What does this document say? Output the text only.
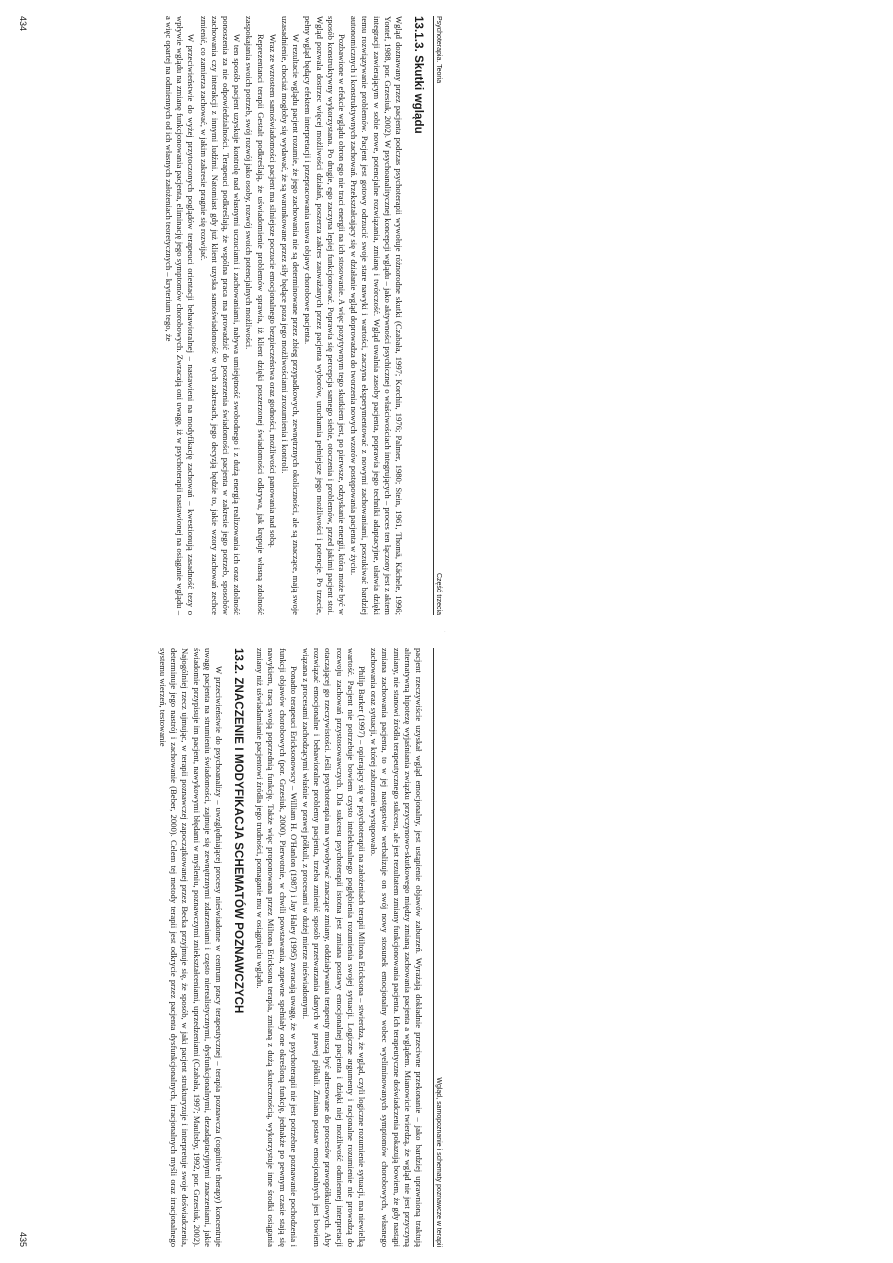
Psychoterapia. Teoria
Część trzecia
13.1.3. Skutki wglądu

Wgląd doznawany przez pacjenta podczas psychoterapii wywołuje różnorodne skutki (Czabała, 1997; Korchin, 1976; Palmer, 1980; Stein, 1961, Thomä, Kächele, 1996; Yontef, 1988, por. Grzesiuk, 2002). W psychoanalitycznej koncepcji wglądu – jako aktywności psychicznej o właściwościach integrujących – proces ten łączony jest z aktem integracji zawierającym w sobie nowe, potencjalne rozwiązania, zmianę i twórczość. Wgląd uwalnia zasoby pacjenta, poprawia jego techniki adaptacyjne, ułatwia dzięki temu rozwiązywanie problemów. Pacjent jest gotowy odrzucić swoje stare nawyki i wartości, zaczyna eksperymentować z nowymi zachowaniami, poszukiwać bardziej autonomicznych i konstruktywnych zachowań. Przekształcający się w działanie wgląd doprowadza do tworzenia nowych wzorów postępowania pacjenta w życiu.

Pozbawione w efekcie wglądu obron ego nie traci energii na ich stosowanie. A więc pozytywnym tego skutkiem jest, po pierwsze, odzyskanie energii, która może być w sposób konstruktywny wykorzystana. Po drugie, ego zaczyna lepiej funkcjonować. Poprawia się percepcja samego siebie, otoczenia i problemów, przed jakimi pacjent stoi. Wgląd pozwala dostrzec więcej możliwości działań, poszerza zakres zauważanych przez pacjenta wyborów, uruchamia pełniejsze jego możliwości i potencje. Po trzecie, pełny wgląd będący efektem interpretacji i przepracowania usuwa objawy chorobowe pacjenta.

W rezultacie wglądu pacjent rozumie, że jego zachowania nie są determinowane przez zbieg przypadkowych, zewnętrznych okoliczności, ale są znaczące, mają swoje uzasadnienie, chociaż mogłoby się wydawać, że są warunkowane przez siły będące poza jego możliwościami zrozumienia i kontroli.

Wraz ze wzrostem samoświadomości pacjent ma silniejsze poczucie emocjonalnego bezpieczeństwa oraz godności, możliwości panowania nad sobą.

Reprezentanci terapii Gestalt podkreślają, że uświadomienie problemów sprawia, iż klient dzięki poszerzonej świadomości odkrywa, jak krępuje własną zdolność zaspokajania swoich potrzeb, swój rozwój jako osoby, rozwój swoich potencjalnych możliwości.

W ten sposób pacjent uzyskuje kontrolę nad własnymi uczuciami i zachowaniami, nabywa umiejętność swobodnego i z dużą energią realizowania ich oraz zdolność ponoszenia za nie odpowiedzialności. Terapeuci podkreślają, że wspólna praca ma prowadzić do poszerzenia świadomości pacjenta w zakresie jego potrzeb, sposobów zachowania czy interakcji z innymi ludźmi. Natomiast gdy już klient uzyska samoświadomość w tych zakresach, jego decyzją będzie to, jakie wzory zachowań zechce zmienić, co zamierza zachować, w jakim zakresie pragnie się rozwijać.

W przeciwieństwie do wyżej przytoczonych poglądów terapeuci orientacji behawioralnej – nastawieni na modyfikację zachowań – kwestionują zasadność tezy o wpływie wglądu na zmianę funkcjonowania pacjenta, eliminację jego symptomów chorobowych. Zwracają oni uwagę, iż w psychoterapii nastawionej na osiąganie wglądu – a więc opartej na odmiennych od ich własnych założeniach teoretycznych – kryterium tego, że

434
Wgląd, samopoznanie i schematy poznawcze w terapii

pacjent rzeczywiście uzyskał wgląd emocjonalny, jest ustąpienie objawów zaburzeń. Wyrażają dokładnie przeciwne przekonanie – jako bardziej uprawnioną traktują alternatywną hipotezę wyjaśniania związku przyczynowo-skutkowego między zmianą zachowania pacjenta a wglądem. Mianowicie twierdzą, że wgląd nie jest przyczyną zmiany, nie stanowi źródła terapeutycznego sukcesu, ale jest rezultatem zmiany funkcjonowania pacjenta. Ich terapeutyczne doświadczenia pokazują bowiem, że gdy nastąpi zmiana zachowania pacjenta, to w jej następstwie werbalizuje on swój nowy stosunek emocjonalny wobec wyeliminowanych symptomów chorobowych, własnego zachowania oraz sytuacji, w której zaburzenie występowało.

Philip Barker (1997) – opierający się w psychoterapii na założeniach terapii Miltona Ericksona – stwierdza, że wgląd, czyli logiczne rozumienie sytuacji, ma niewielką wartość. Pacjent nie potrzebuje bowiem czysto intelektualnego pogłębienia rozumienia swojej sytuacji. Logiczne argumenty i racjonalne rozumienie nie prowadzą do rozwoju zachowań przystosowawczych. Dla sukcesu psychoterapii istotna jest zmiana postawy emocjonalnej pacjenta i dzięki niej możliwość odmiennej interpretacji otaczającej go rzeczywistości. Jeśli psychoterapia ma wywoływać znaczące zmiany, oddziaływania terapeuty muszą być adresowane do procesów prawopółkulowych. Aby rozwiązać emocjonalne i behawioralne problemy pacjenta, trzeba zmienić sposób przetwarzania danych w prawej półkuli. Zmiana postaw emocjonalnych jest bowiem wiązana z procesami zachodzącymi właśnie w prawej półkuli, z procesami w dużej mierze nieświadomymi.

Ponadto terapeuci Ericksonowscy – William H. O'Hanlon (1987) i Jay Haley (1995) zwracają uwagę, że w psychoterapii nie jest potrzebne poznawanie pochodzenia i funkcji objawów chorobowych (por. Grzesiuk, 2000). Pierwotnie, w chwili powstawania, zapewne spełniały one określoną funkcję, jednakże po pewnym czasie stają się nawykiem, tracą swoją poprzednią funkcję. Także więc proponowana przez Miltona Ericksona terapia, zmianą z dużą skutecznością, wykorzystuje inne środki osiągania zmiany niż uświadamianie pacjentowi źródła jego trudności, pomaganie mu w osiągnięciu wglądu.

13.2. ZNACZENIE I MODYFIKACJA SCHEMATÓW POZNAWCZYCH

W przeciwieństwie do psychoanalizy – uwzględniającej procesy nieświadome w centrum pracy terapeutycznej – terapia poznawcza (cognitive therapy) koncentruje uwagę pacjenta na strumieniu świadomości, zajmuje się zewnętrznymi zdarzeniami i często nierealistycznymi, dysfunkcjonalnymi, dezadaptacyjnymi znaczeniami, jakie świadomie przypisuje im pacjent, nawykowymi błędami w myśleniu, poznawczymi zniekształceniami, uprzedzeniami (Czabała, 1997; Maultsby, 1992, por. Grzesiuk, 2002). Najogólniej rzecz ujmując, w terapii poznawczej zapoczątkowanej przez Becka przyjmuje się, że sposób, w jaki pacjent strukturyzuje i interpretuje swoje doświadczenia, determinuje jego nastrój i zachowanie (Beber, 2000). Celem tej metody terapii jest odkrycie przez pacjenta dysfunkcjonalnych, irracjonalnych myśli oraz irracjonalnego systemu wierzeń, testowanie

435
